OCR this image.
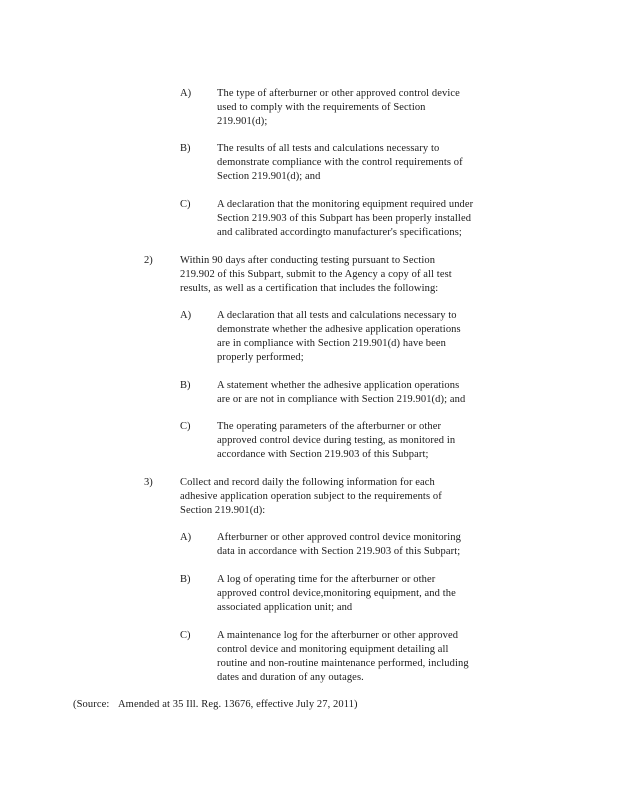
A) The type of afterburner or other approved control device
used to comply with the requirements of Section
219.901(d);
B)	The results of all tests and calculations necessary to
demonstrate compliance with the control requirements of
Section 219.901(d); and
C)	A declaration that the monitoring equipment required under
Section 219.903 of this Subpart has been properly installed
and calibrated accordingto manufacturer's specifications;
2)	Within 90 days after conducting testing pursuant to Section
219.902 of this Subpart, submit to the Agency a copy of all test
results, as well as a certification that includes the following:
A) A declaration that all tests and calculations necessary to
demonstrate whether the adhesive application operations
are in compliance with Section 219.901(d) have been
properly performed;
B)	A statement whether the adhesive application operations
are or are not in compliance with Section 219.901(d); and
C)	The operating parameters of the afterburner or other
approved control device during testing, as monitored in
accordance with Section 219.903 of this Subpart;
3)	Collect and record daily the following information for each
adhesive application operation subject to the requirements of
Section 219.901(d):
A) Afterburner or other approved control device monitoring
data in accordance with Section 219.903 of this Subpart;
B)	A log of operating time for the afterburner or other
approved control device,monitoring equipment, and the
associated application unit; and
C)	A maintenance log for the afterburner or other approved
control device and monitoring equipment detailing all
routine and non-routine maintenance performed, including
dates and duration of any outages.
(Source: Amended at 35 Ill. Reg. 13676, effective July 27, 2011)
